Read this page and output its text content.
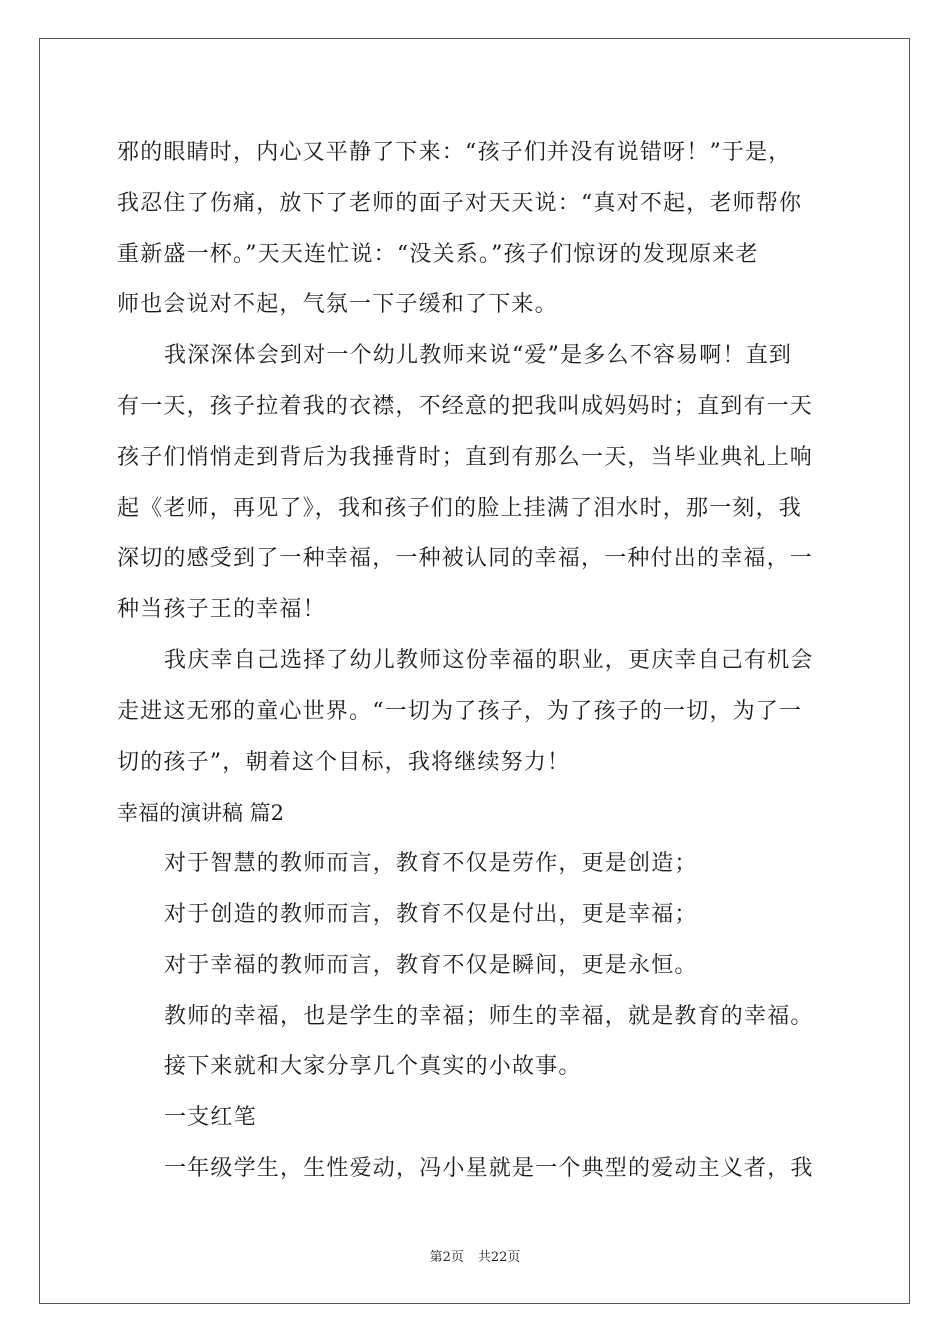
邪的眼睛时，内心又平静了下来：“孩子们并没有说错呀！”于是，
我忍住了伤痛，放下了老师的面子对天天说：“真对不起，老师帮你
重新盛一杯。”天天连忙说：“没关系。”孩子们惊讶的发现原来老
师也会说对不起，气氛一下子缓和了下来。
我深深体会到对一个幼儿教师来说“爱”是多么不容易啊！直到
有一天，孩子拉着我的衣襟，不经意的把我叫成妈妈时；直到有一天
孩子们悄悄走到背后为我捶背时；直到有那么一天，当毕业典礼上响
起《老师，再见了》，我和孩子们的脸上挂满了泪水时，那一刻，我
深切的感受到了一种幸福，一种被认同的幸福，一种付出的幸福，一
种当孩子王的幸福！
我庆幸自己选择了幼儿教师这份幸福的职业，更庆幸自己有机会
走进这无邪的童心世界。“一切为了孩子，为了孩子的一切，为了一
切的孩子”，朝着这个目标，我将继续努力！
幸福的演讲稿 篇2
对于智慧的教师而言，教育不仅是劳作，更是创造；
对于创造的教师而言，教育不仅是付出，更是幸福；
对于幸福的教师而言，教育不仅是瞬间，更是永恒。
教师的幸福，也是学生的幸福；师生的幸福，就是教育的幸福。
接下来就和大家分享几个真实的小故事。
一支红笔
一年级学生，生性爱动，冯小星就是一个典型的爱动主义者，我
第2页 共22页
